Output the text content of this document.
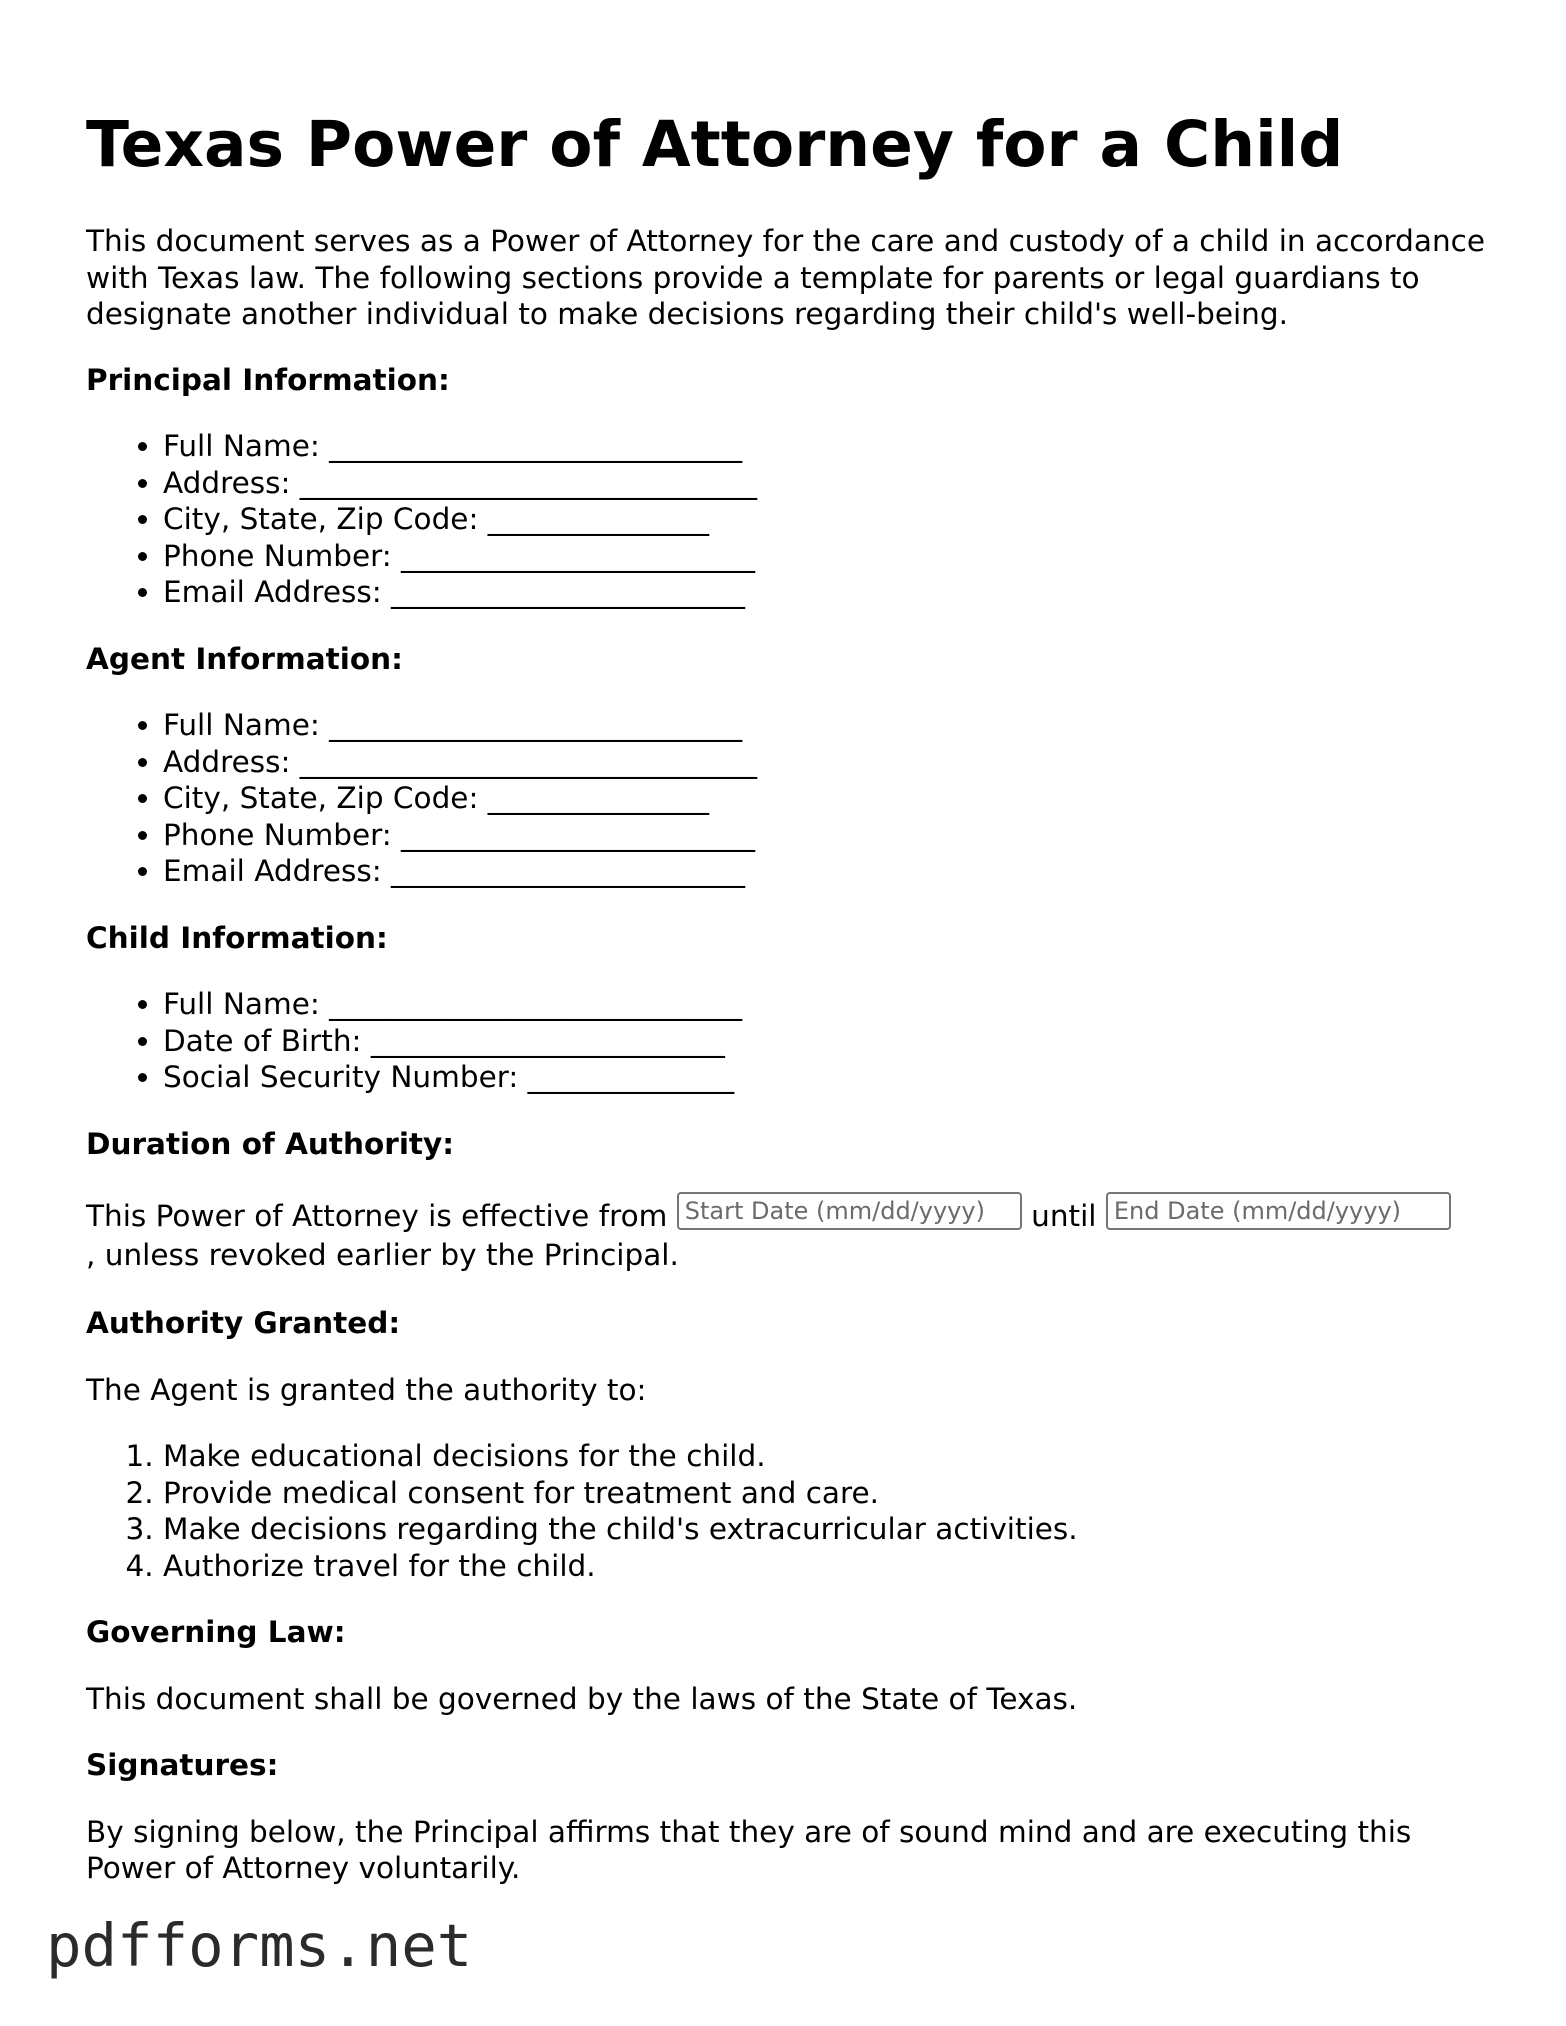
Texas Power of Attorney for a Child

This document serves as a Power of Attorney for the care and custody of a child in accordance with Texas law. The following sections provide a template for parents or legal guardians to designate another individual to make decisions regarding their child's well-being.

Principal Information:
• Full Name: ____________________________
• Address: _______________________________
• City, State, Zip Code: _______________
• Phone Number: ________________________
• Email Address: ________________________
Agent Information:
• Full Name: ____________________________
• Address: _______________________________
• City, State, Zip Code: _______________
• Phone Number: ________________________
• Email Address: ________________________
Child Information:
• Full Name: ____________________________
• Date of Birth: ________________________
• Social Security Number: ______________
Duration of Authority:

This Power of Attorney is effective from Start Date (mm/dd/yyyy) until End Date (mm/dd/yyyy)
, unless revoked earlier by the Principal.

Authority Granted:

The Agent is granted the authority to:

1. Make educational decisions for the child.
2. Provide medical consent for treatment and care.
3. Make decisions regarding the child's extracurricular activities.
4. Authorize travel for the child.
Governing Law:

This document shall be governed by the laws of the State of Texas.

Signatures:

By signing below, the Principal affirms that they are of sound mind and are executing this Power of Attorney voluntarily.

pdfforms.net
